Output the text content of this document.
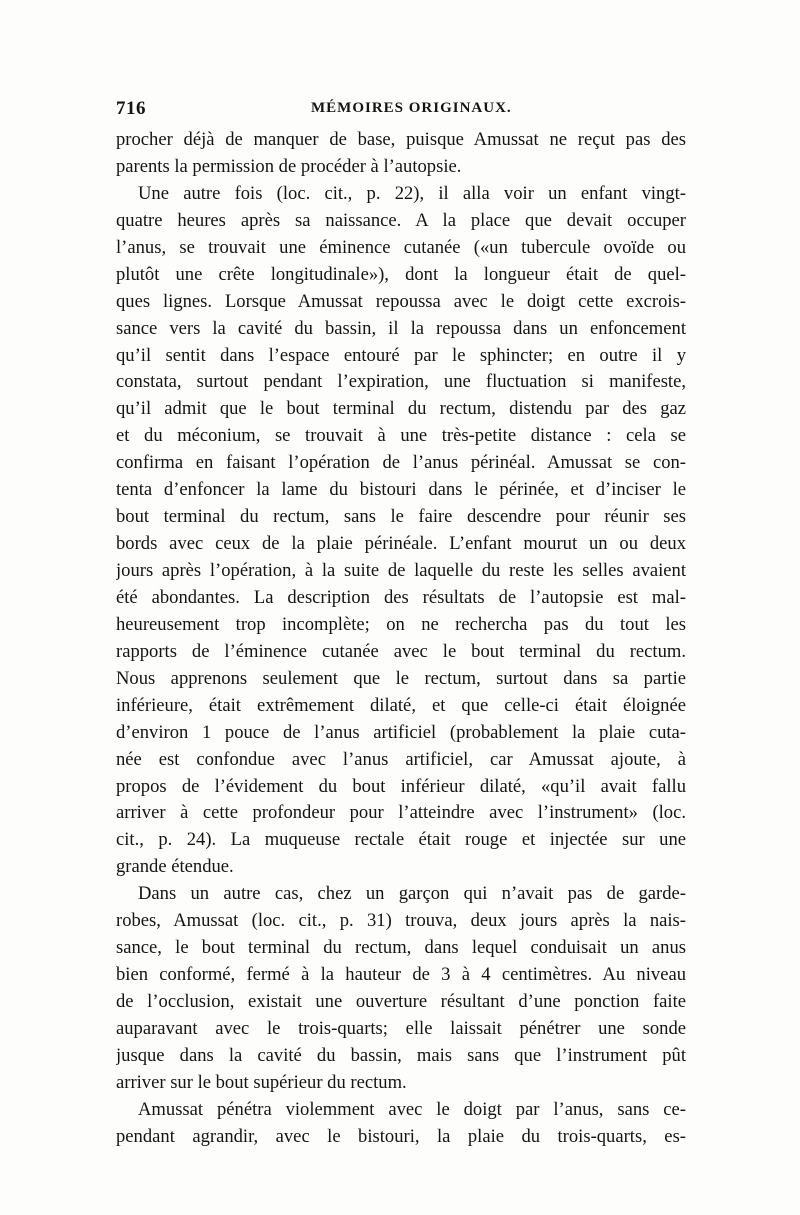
716	MÉMOIRES ORIGINAUX.
procher déjà de manquer de base, puisque Amussat ne reçut pas des
parents la permission de procéder à l’autopsie.
Une autre fois (loc. cit., p. 22), il alla voir un enfant vingt-
quatre heures après sa naissance. A la place que devait occuper
l’anus, se trouvait une éminence cutanée («un tubercule ovoïde ou
plutôt une crête longitudinale»), dont la longueur était de quel-
ques lignes. Lorsque Amussat repoussa avec le doigt cette excrois-
sance vers la cavité du bassin, il la repoussa dans un enfoncement
qu’il sentit dans l’espace entouré par le sphincter; en outre il y
constata, surtout pendant l’expiration, une fluctuation si manifeste,
qu’il admit que le bout terminal du rectum, distendu par des gaz
et du méconium, se trouvait à une très-petite distance : cela se
confirma en faisant l’opération de l’anus périnéal. Amussat se con-
tenta d’enfoncer la lame du bistouri dans le périnée, et d’inciser le
bout terminal du rectum, sans le faire descendre pour réunir ses
bords avec ceux de la plaie périnéale. L’enfant mourut un ou deux
jours après l’opération, à la suite de laquelle du reste les selles avaient
été abondantes. La description des résultats de l’autopsie est mal-
heureusement trop incomplète; on ne rechercha pas du tout les
rapports de l’éminence cutanée avec le bout terminal du rectum.
Nous apprenons seulement que le rectum, surtout dans sa partie
inférieure, était extrêmement dilaté, et que celle-ci était éloignée
d’environ 1 pouce de l’anus artificiel (probablement la plaie cuta-
née est confondue avec l’anus artificiel, car Amussat ajoute, à
propos de l’évidement du bout inférieur dilaté, «qu’il avait fallu
arriver à cette profondeur pour l’atteindre avec l’instrument» (loc.
cit., p. 24). La muqueuse rectale était rouge et injectée sur une
grande étendue.
Dans un autre cas, chez un garçon qui n’avait pas de garde-
robes, Amussat (loc. cit., p. 31) trouva, deux jours après la nais-
sance, le bout terminal du rectum, dans lequel conduisait un anus
bien conformé, fermé à la hauteur de 3 à 4 centimètres. Au niveau
de l’occlusion, existait une ouverture résultant d’une ponction faite
auparavant avec le trois-quarts; elle laissait pénétrer une sonde
jusque dans la cavité du bassin, mais sans que l’instrument pût
arriver sur le bout supérieur du rectum.
Amussat pénétra violemment avec le doigt par l’anus, sans ce-
pendant agrandir, avec le bistouri, la plaie du trois-quarts, es-
